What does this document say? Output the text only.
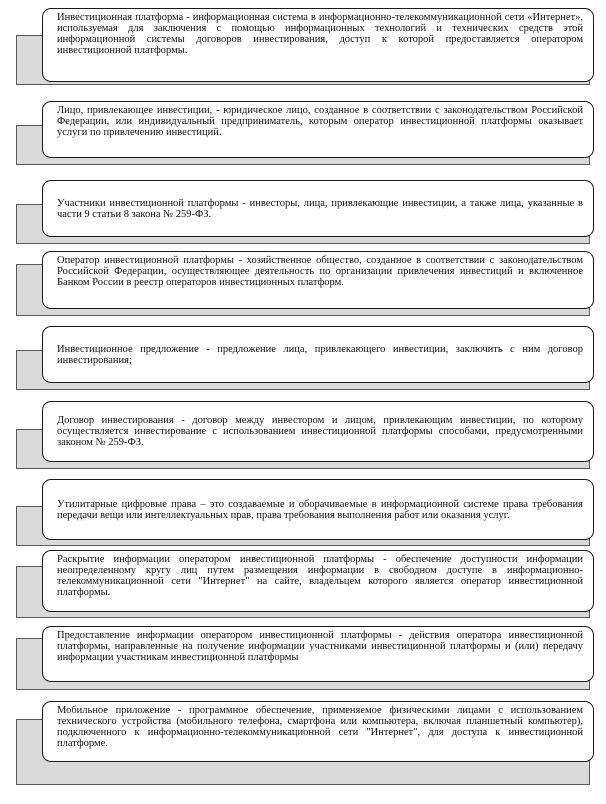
Инвестиционная платформа - информационная система в информационно-телекоммуникационной сети «Интернет», используемая для заключения с помощью информационных технологий и технических средств этой информационной системы договоров инвестирования, доступ к которой предоставляется оператором инвестиционной платформы.
Лицо, привлекающее инвестиции, - юридическое лицо, созданное в соответствии с законодательством Российской Федерации, или индивидуальный предприниматель, которым оператор инвестиционной платформы оказывает услуги по привлечению инвестиций.
Участники инвестиционной платформы - инвесторы, лица, привлекающие инвестиции, а также лица, указанные в части 9 статьи 8 закона № 259-ФЗ.
Оператор инвестиционной платформы - хозяйственное общество, созданное в соответствии с законодательством Российской Федерации, осуществляющее деятельность по организации привлечения инвестиций и включенное Банком России в реестр операторов инвестиционных платформ.
Инвестиционное предложение - предложение лица, привлекающего инвестиции, заключить с ним договор инвестирования;
Договор инвестирования - договор между инвестором и лицом, привлекающим инвестиции, по которому осуществляется инвестирование с использованием инвестиционной платформы способами, предусмотренными законом № 259-ФЗ.
Утилитарные цифровые права – это создаваемые и оборачиваемые в информационной системе права требования передачи вещи или интеллектуальных прав, права требования выполнения работ или оказания услуг.
Раскрытие информации оператором инвестиционной платформы - обеспечение доступности информации неопределенному кругу лиц путем размещения информации в свободном доступе в информационно-телекоммуникационной сети "Интернет" на сайте, владельцем которого является оператор инвестиционной платформы.
Предоставление информации оператором инвестиционной платформы - действия оператора инвестиционной платформы, направленные на получение информации участниками инвестиционной платформы и (или) передачу информации участникам инвестиционной платформы
Мобильное приложение - программное обеспечение, применяемое физическими лицами с использованием технического устройства (мобильного телефона, смартфона или компьютера, включая планшетный компьютер), подключенного к информационно-телекоммуникационной сети "Интернет", для доступа к инвестиционной платформе.
